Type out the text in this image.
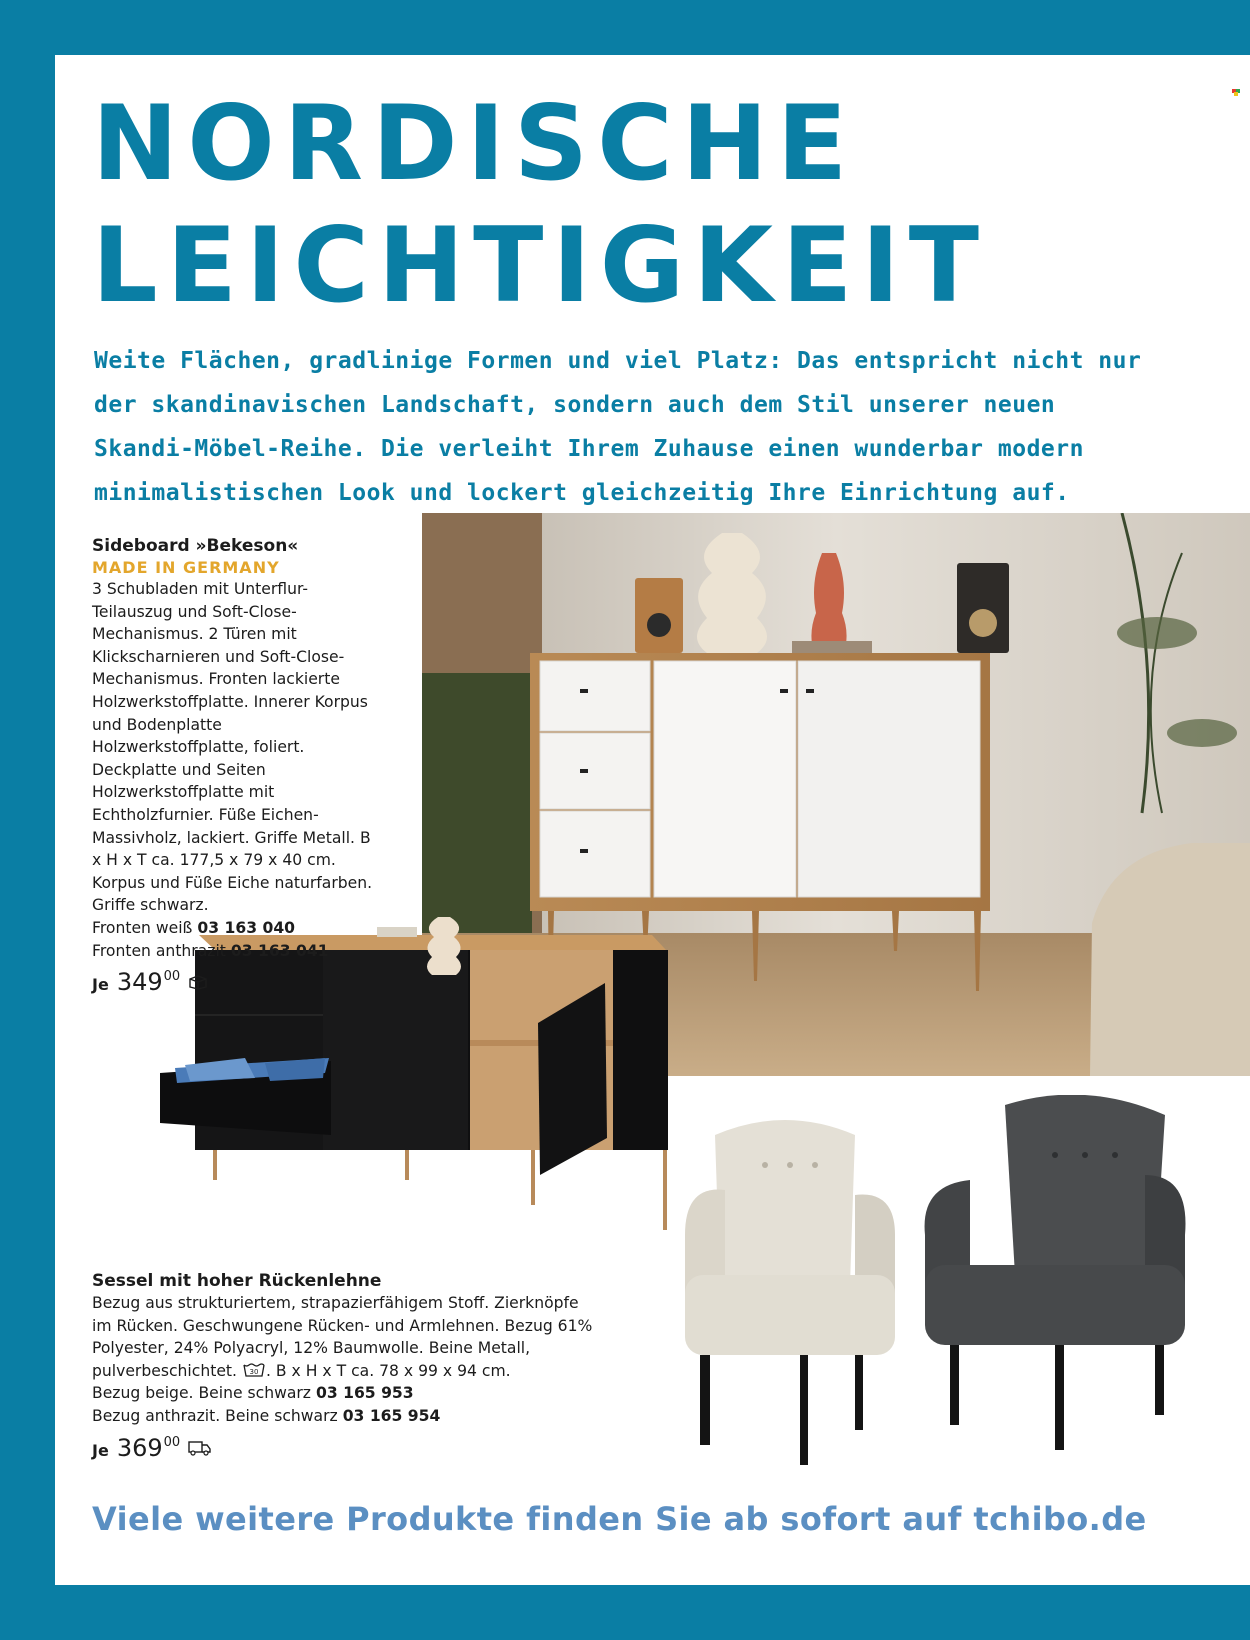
NORDISCHE
LEICHTIGKEIT

Weite Flächen, gradlinige Formen und viel Platz: Das entspricht nicht nur der skandinavischen Landschaft, sondern auch dem Stil unserer neuen Skandi-Möbel-Reihe. Die verleiht Ihrem Zuhause einen wunderbar modern minimalistischen Look und lockert gleichzeitig Ihre Einrichtung auf.

Sideboard »Bekeson«
MADE IN GERMANY

3 Schubladen mit Unterflur-Teilauszug und Soft-Close-Mechanismus. 2 Türen mit Klickscharnieren und Soft-Close-Mechanismus. Fronten lackierte Holzwerkstoffplatte. Innerer Korpus und Bodenplatte Holzwerkstoffplatte, foliert. Deckplatte und Seiten Holzwerkstoffplatte mit Echtholzfurnier. Füße Eichen-Massivholz, lackiert. Griffe Metall. B x H x T ca. 177,5 x 79 x 40 cm. Korpus und Füße Eiche naturfarben. Griffe schwarz.

Fronten weiß 03 163 040
Fronten anthrazit 03 163 041
Je 349 00
Sessel mit hoher Rückenlehne

Bezug aus strukturiertem, strapazierfähigem Stoff. Zierknöpfe im Rücken. Geschwungene Rücken- und Armlehnen. Bezug 61% Polyester, 24% Polyacryl, 12% Baumwolle. Beine Metall, pulverbeschichtet. 30 . B x H x T ca. 78 x 99 x 94 cm.

Bezug beige. Beine schwarz 03 165 953
Bezug anthrazit. Beine schwarz 03 165 954
Je 369 00

Viele weitere Produkte finden Sie ab sofort auf tchibo.de
